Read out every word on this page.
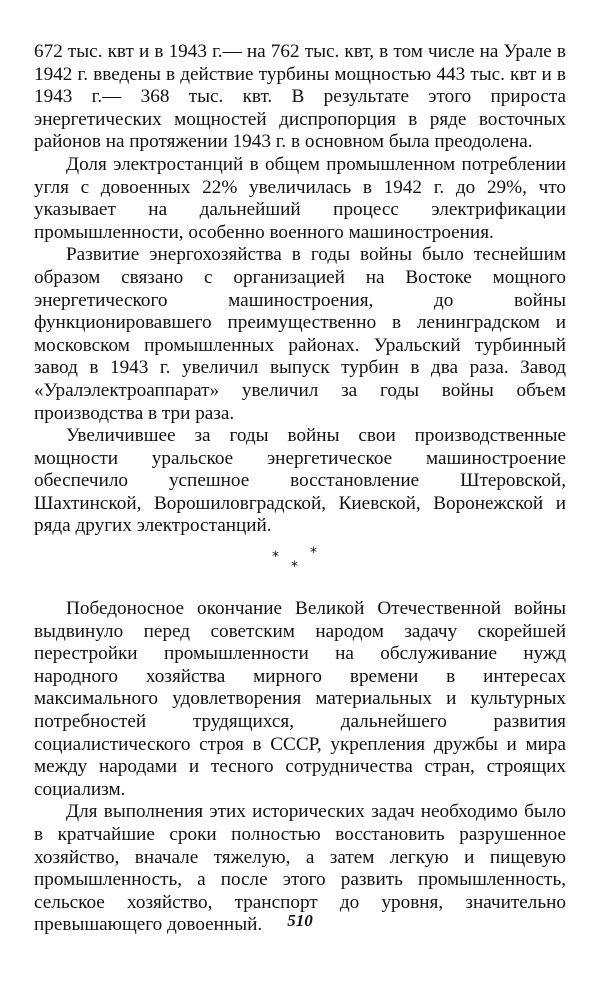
672 тыс. квт и в 1943 г.— на 762 тыс. квт, в том числе на Урале в 1942 г. введены в действие турбины мощностью 443 тыс. квт и в 1943 г.— 368 тыс. квт. В результате этого прироста энергетических мощностей диспропорция в ряде восточных районов на протяжении 1943 г. в основном была преодолена.

Доля электростанций в общем промышленном потреблении угля с довоенных 22% увеличилась в 1942 г. до 29%, что указывает на дальнейший процесс электрификации промышленности, особенно военного машиностроения.

Развитие энергохозяйства в годы войны было теснейшим образом связано с организацией на Востоке мощного энергетического машиностроения, до войны функционировавшего преимущественно в ленинградском и московском промышленных районах. Уральский турбинный завод в 1943 г. увеличил выпуск турбин в два раза. Завод «Уралэлектроаппарат» увеличил за годы войны объем производства в три раза.

Увеличившее за годы войны свои производственные мощности уральское энергетическое машиностроение обеспечило успешное восстановление Штеровской, Шахтинской, Ворошиловградской, Киевской, Воронежской и ряда других электростанций.

* *
*

Победоносное окончание Великой Отечественной войны выдвинуло перед советским народом задачу скорейшей перестройки промышленности на обслуживание нужд народного хозяйства мирного времени в интересах максимального удовлетворения материальных и культурных потребностей трудящихся, дальнейшего развития социалистического строя в СССР, укрепления дружбы и мира между народами и тесного сотрудничества стран, строящих социализм.

Для выполнения этих исторических задач необходимо было в кратчайшие сроки полностью восстановить разрушенное хозяйство, вначале тяжелую, а затем легкую и пищевую промышленность, а после этого развить промышленность, сельское хозяйство, транспорт до уровня, значительно превышающего довоенный.	510
